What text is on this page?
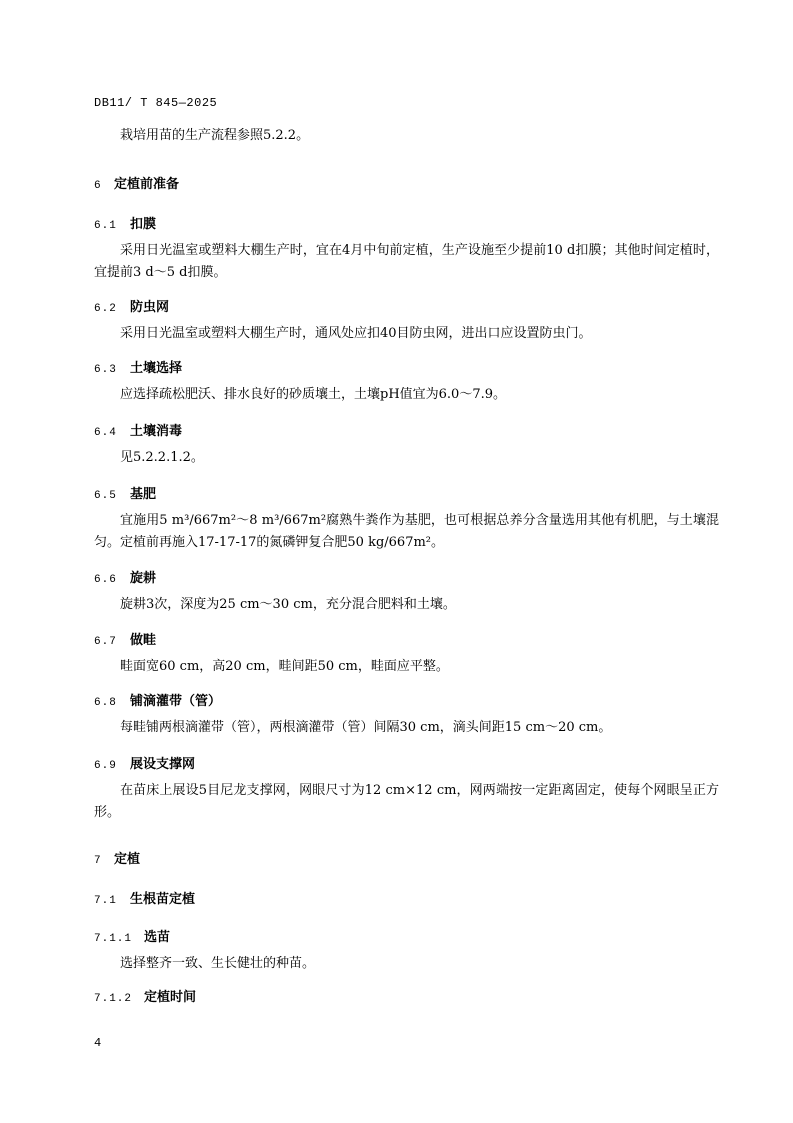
DB11/ T 845—2025
栽培用苗的生产流程参照5.2.2。
6 定植前准备
6.1 扣膜
采用日光温室或塑料大棚生产时，宜在4月中旬前定植，生产设施至少提前10 d扣膜；其他时间定植时，宜提前3 d～5 d扣膜。
6.2 防虫网
采用日光温室或塑料大棚生产时，通风处应扣40目防虫网，进出口应设置防虫门。
6.3 土壤选择
应选择疏松肥沃、排水良好的砂质壤土，土壤pH值宜为6.0～7.9。
6.4 土壤消毒
见5.2.2.1.2。
6.5 基肥
宜施用5 m³/667m²～8 m³/667m²腐熟牛粪作为基肥，也可根据总养分含量选用其他有机肥，与土壤混匀。定植前再施入17-17-17的氮磷钾复合肥50 kg/667m²。
6.6 旋耕
旋耕3次，深度为25 cm～30 cm，充分混合肥料和土壤。
6.7 做畦
畦面宽60 cm，高20 cm，畦间距50 cm，畦面应平整。
6.8 铺滴灌带（管）
每畦铺两根滴灌带（管），两根滴灌带（管）间隔30 cm，滴头间距15 cm～20 cm。
6.9 展设支撑网
在苗床上展设5目尼龙支撑网，网眼尺寸为12 cm×12 cm，网两端按一定距离固定，使每个网眼呈正方形。
7 定植
7.1 生根苗定植
7.1.1 选苗
选择整齐一致、生长健壮的种苗。
7.1.2 定植时间
4
